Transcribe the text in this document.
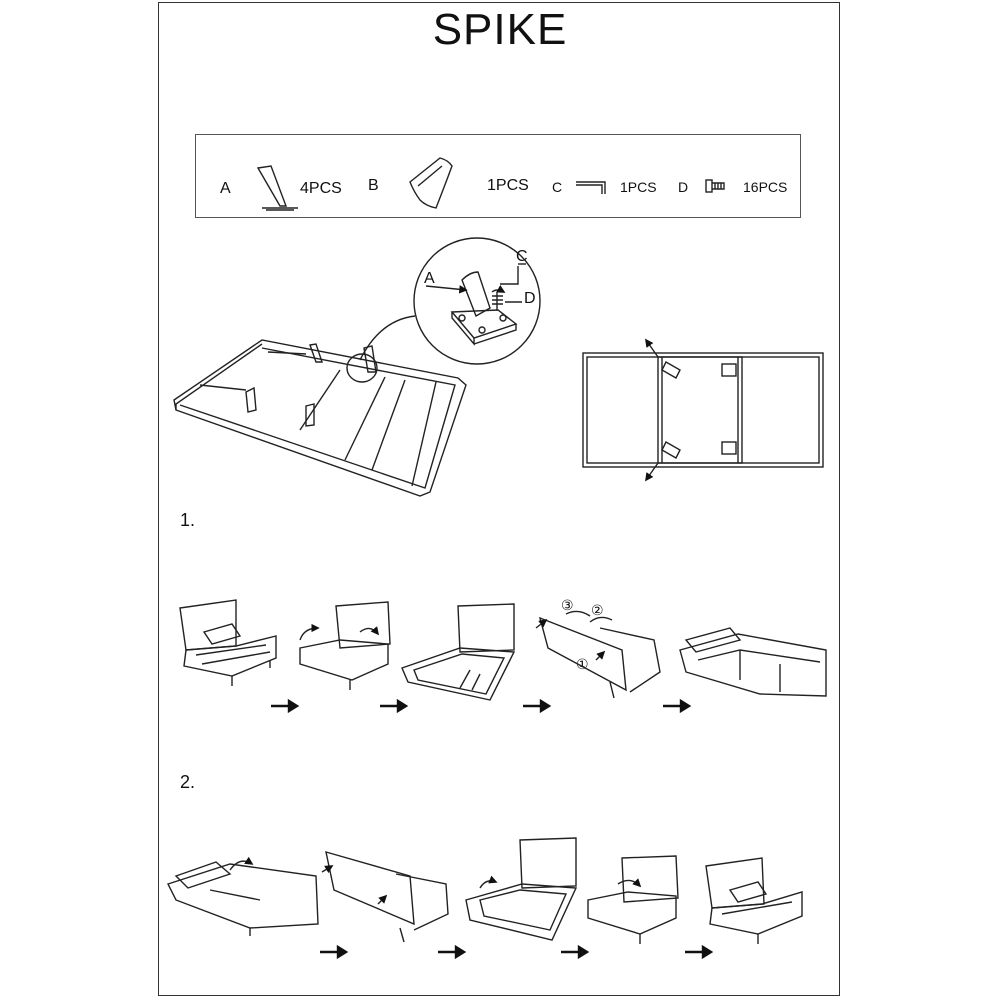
SPIKE
A	4PCS B	1PCS C	1PCS D	16PCS
A
C
D
1.
2.
③ ②
①
